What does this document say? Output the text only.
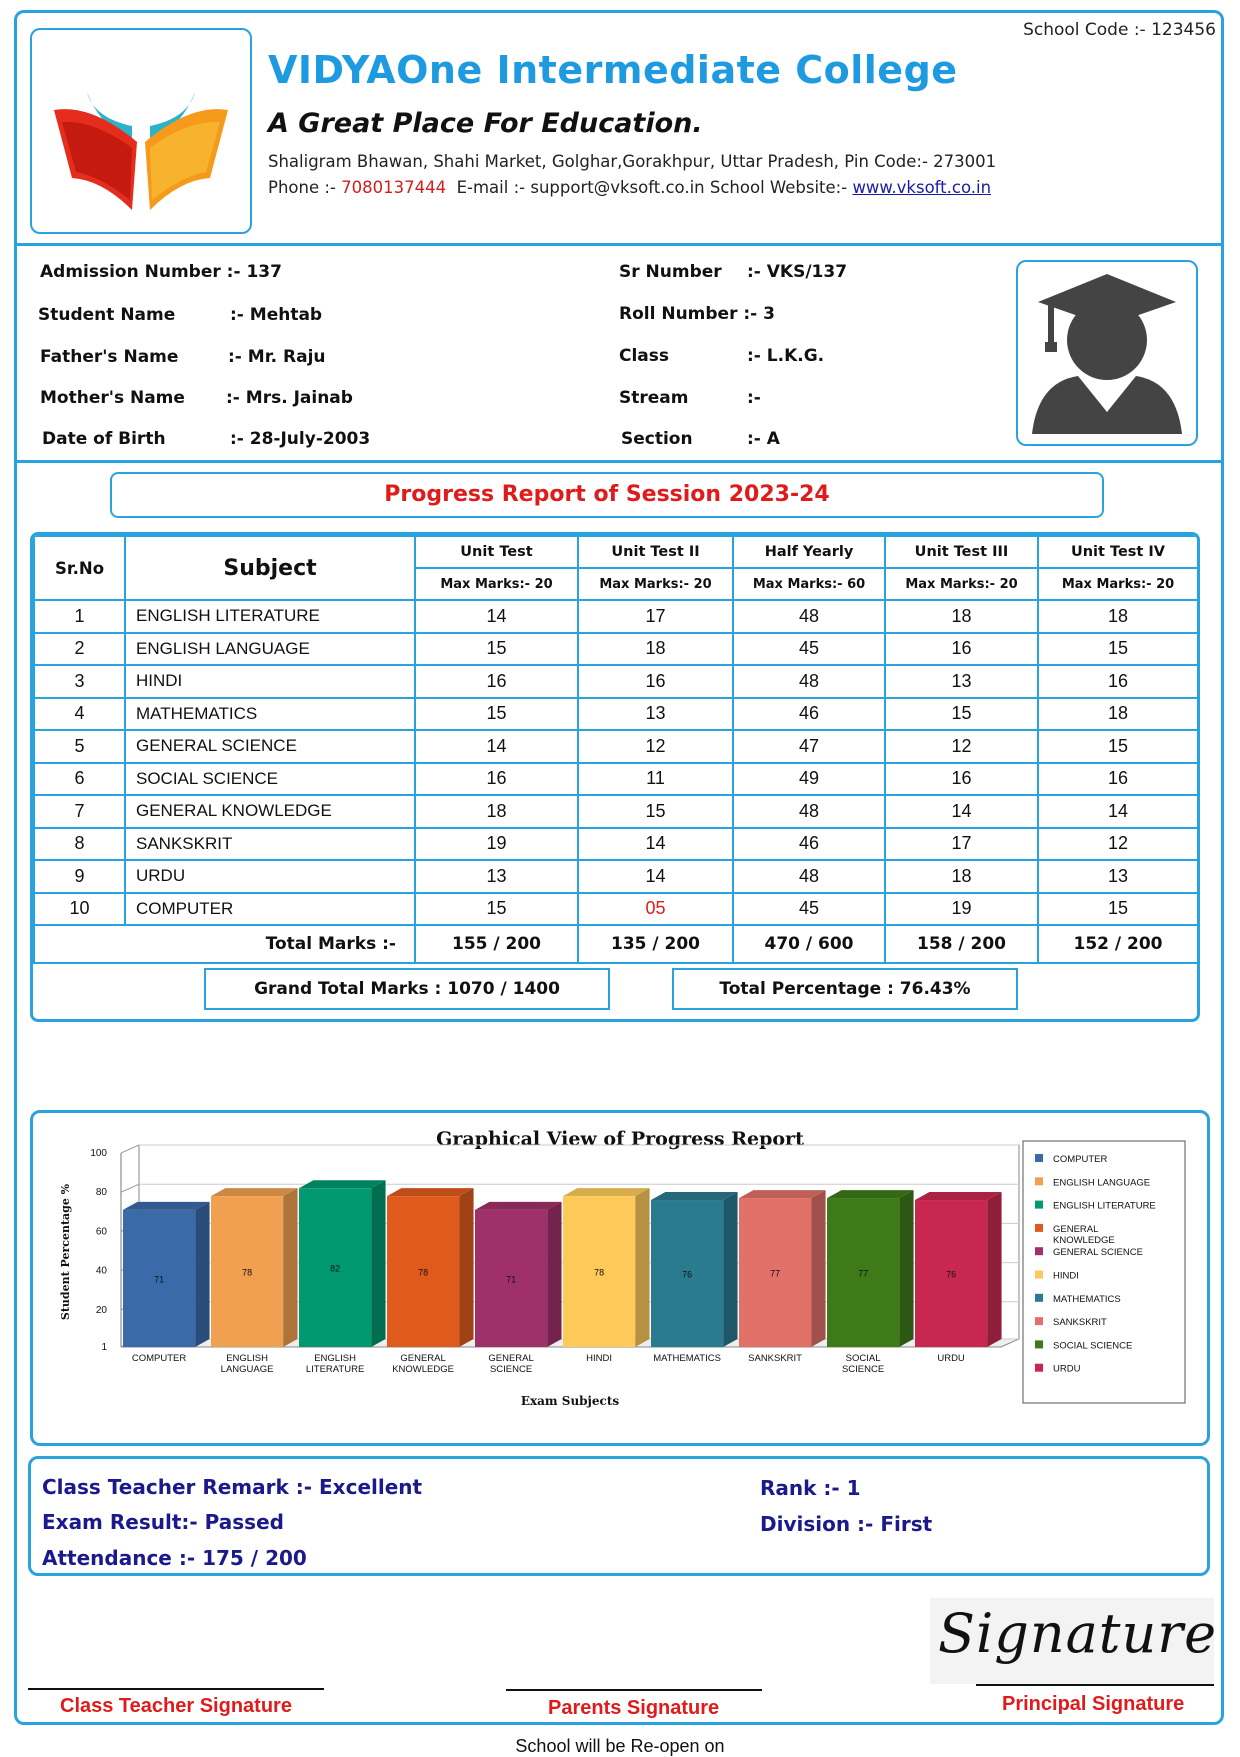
School Code :- 123456
VIDYAOne Intermediate College
A Great Place For Education.
Shaligram Bhawan, Shahi Market, Golghar,Gorakhpur, Uttar Pradesh, Pin Code:- 273001
Phone :- 7080137444 E-mail :- support@vksoft.co.in School Website:- www.vksoft.co.in
Admission Number :- 137
Student Name	:- Mehtab
Father's Name	:- Mr. Raju
Mother's Name :- Mrs. Jainab
Date of Birth	:- 28-July-2003
Sr Number :- VKS/137
Roll Number :- 3
Class	:- L.K.G.
Stream	:-
Section	:- A
Progress Report of Session 2023-24
Sr.No	Subject	Unit Test	Unit Test II	Half Yearly	Unit Test III	Unit Test IV
		Max Marks:- 20	Max Marks:- 20	Max Marks:- 60	Max Marks:- 20	Max Marks:- 20
1	ENGLISH LITERATURE	14	17	48	18	18
2	ENGLISH LANGUAGE	15	18	45	16	15
3	HINDI	16	16	48	13	16
4	MATHEMATICS	15	13	46	15	18
5	GENERAL SCIENCE	14	12	47	12	15
6	SOCIAL SCIENCE	16	11	49	16	16
7	GENERAL KNOWLEDGE	18	15	48	14	14
8	SANKSKRIT	19	14	46	17	12
9	URDU	13	14	48	18	13
10	COMPUTER	15	05	45	19	15
Total Marks :-		155 / 200	135 / 200	470 / 600	158 / 200	152 / 200
Grand Total Marks : 1070 / 1400	Total Percentage : 76.43%
Graphical View of Progress Report
1
20
40
60
80
100
71
COMPUTER
78
ENGLISH
LANGUAGE
82
ENGLISH
LITERATURE
78
GENERAL
KNOWLEDGE
71
GENERAL
SCIENCE
78
HINDI
76
MATHEMATICS
77
SANKSKRIT
77
SOCIAL
SCIENCE
76
URDU
Exam Subjects
Student Percentage %
COMPUTER
ENGLISH LANGUAGE
ENGLISH LITERATURE
GENERAL
KNOWLEDGE
GENERAL SCIENCE
HINDI
MATHEMATICS
SANKSKRIT
SOCIAL SCIENCE
URDU
Class Teacher Remark :- Excellent
Exam Result:- Passed
Attendance :- 175 / 200
Rank :- 1
Division :- First
Signature
Class Teacher Signature	Parents Signature	Principal Signature
School will be Re-open on
